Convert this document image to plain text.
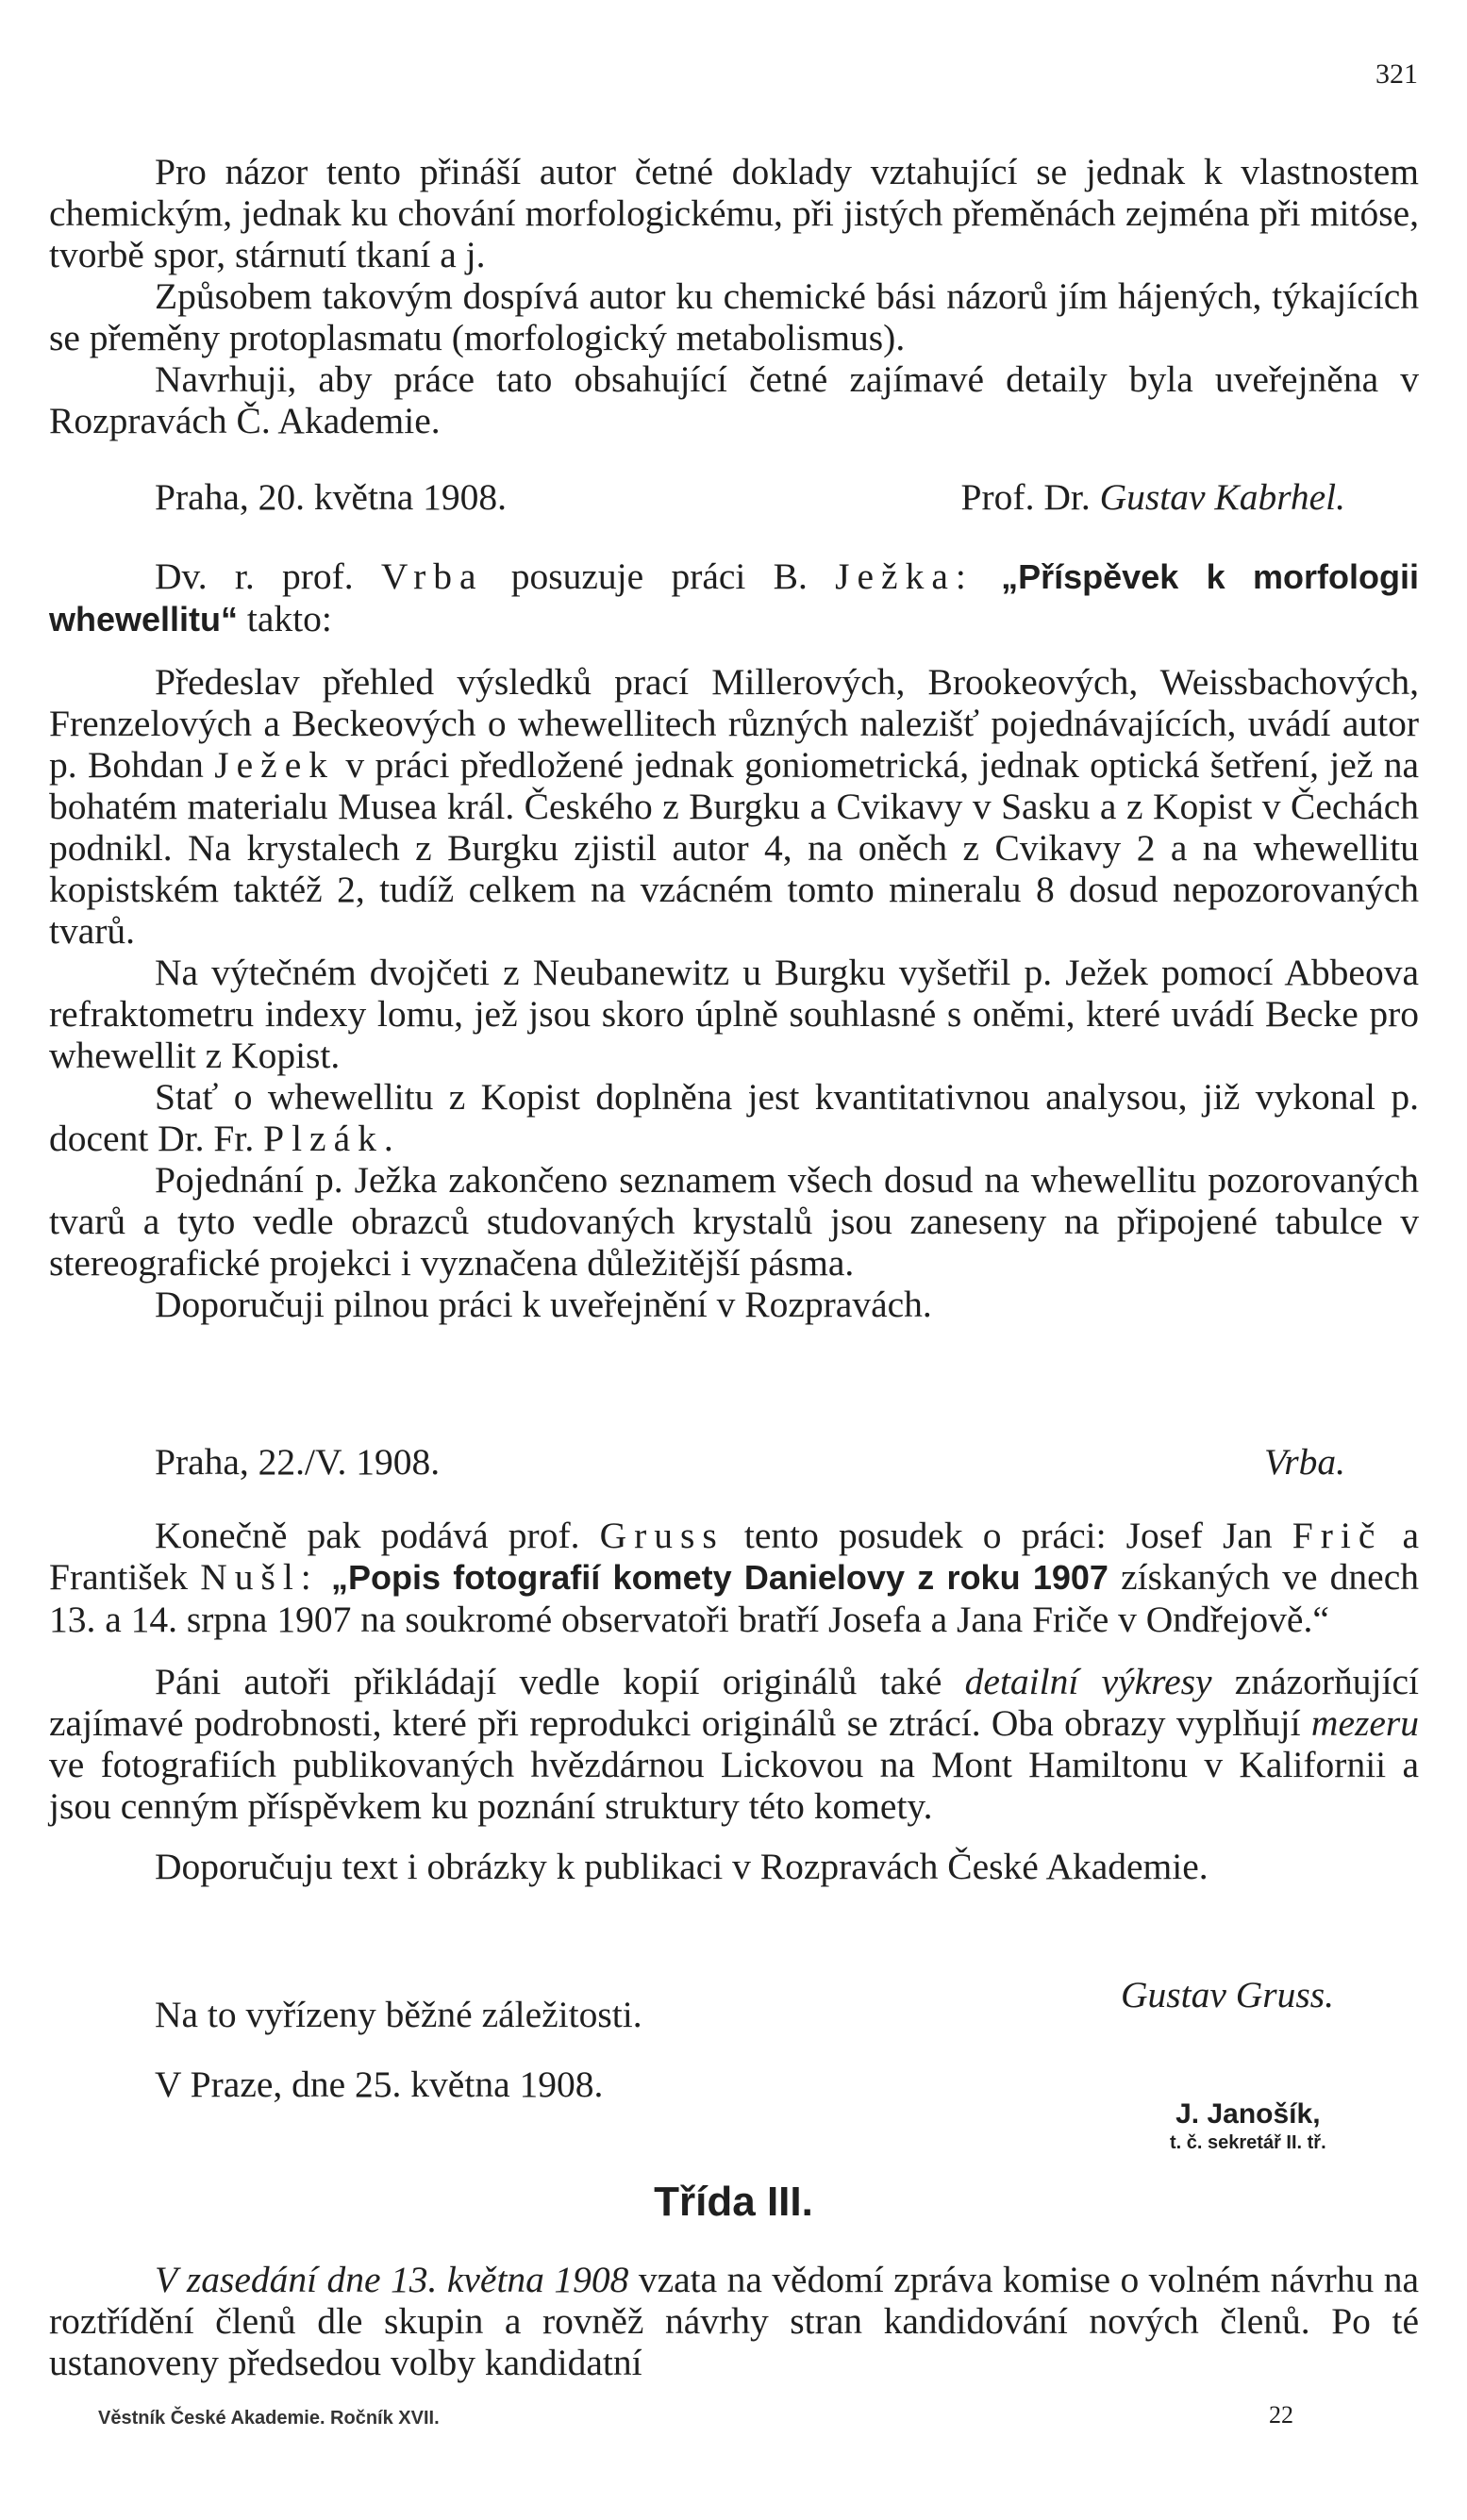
321

Pro názor tento přináší autor četné doklady vztahující se jednak k vlastnostem chemickým, jednak ku chování morfologickému, při jistých přeměnách zejména při mitóse, tvorbě spor, stárnutí tkaní a j.

Způsobem takovým dospívá autor ku chemické bási názorů jím hájených, týkajících se přeměny protoplasmatu (morfologický metabolismus).

Navrhuji, aby práce tato obsahující četné zajímavé detaily byla uveřejněna v Rozpravách Č. Akademie.

Praha, 20. května 1908.	Prof. Dr. Gustav Kabrhel.

Dv. r. prof. Vrba posuzuje práci B. Ježka: „Příspěvek k morfologii whewellitu“ takto:

Předeslav přehled výsledků prací Millerových, Brookeových, Weissbachových, Frenzelových a Beckeových o whewellitech různých nalezišť pojednávajících, uvádí autor p. Bohdan Ježek v práci předložené jednak goniometrická, jednak optická šetření, jež na bohatém materialu Musea král. Českého z Burgku a Cvikavy v Sasku a z Kopist v Čechách podnikl. Na krystalech z Burgku zjistil autor 4, na oněch z Cvikavy 2 a na whewellitu kopistském taktéž 2, tudíž celkem na vzácném tomto mineralu 8 dosud nepozorovaných tvarů.

Na výtečném dvojčeti z Neubanewitz u Burgku vyšetřil p. Ježek pomocí Abbeova refraktometru indexy lomu, jež jsou skoro úplně souhlasné s oněmi, které uvádí Becke pro whewellit z Kopist.

Stať o whewellitu z Kopist doplněna jest kvantitativnou analysou, již vykonal p. docent Dr. Fr. Plzák.

Pojednání p. Ježka zakončeno seznamem všech dosud na whewellitu pozorovaných tvarů a tyto vedle obrazců studovaných krystalů jsou zaneseny na připojené tabulce v stereografické projekci i vyznačena důležitější pásma.

Doporučuji pilnou práci k uveřejnění v Rozpravách.

Praha, 22./V. 1908.	Vrba.

Konečně pak podává prof. Gruss tento posudek o práci: Josef Jan Frič a František Nušl: „Popis fotografií komety Danielovy z roku 1907 získaných ve dnech 13. a 14. srpna 1907 na soukromé observatoři bratří Josefa a Jana Friče v Ondřejově.“

Páni autoři přikládají vedle kopií originálů také detailní výkresy znázorňující zajímavé podrobnosti, které při reprodukci originálů se ztrácí. Oba obrazy vyplňují mezeru ve fotografiích publikovaných hvězdárnou Lickovou na Mont Hamiltonu v Kalifornii a jsou cenným příspěvkem ku poznání struktury této komety.

Doporučuju text i obrázky k publikaci v Rozpravách České Akademie.

Gustav Gruss.
Na to vyřízeny běžné záležitosti.
V Praze, dne 25. května 1908.
J. Janošík,
t. č. sekretář II. tř.
Třída III.

V zasedání dne 13. května 1908 vzata na vědomí zpráva komise o volném návrhu na roztřídění členů dle skupin a rovněž návrhy stran kandidování nových členů. Po té ustanoveny předsedou volby kandidatní

Věstník České Akademie. Ročník XVII.	22
